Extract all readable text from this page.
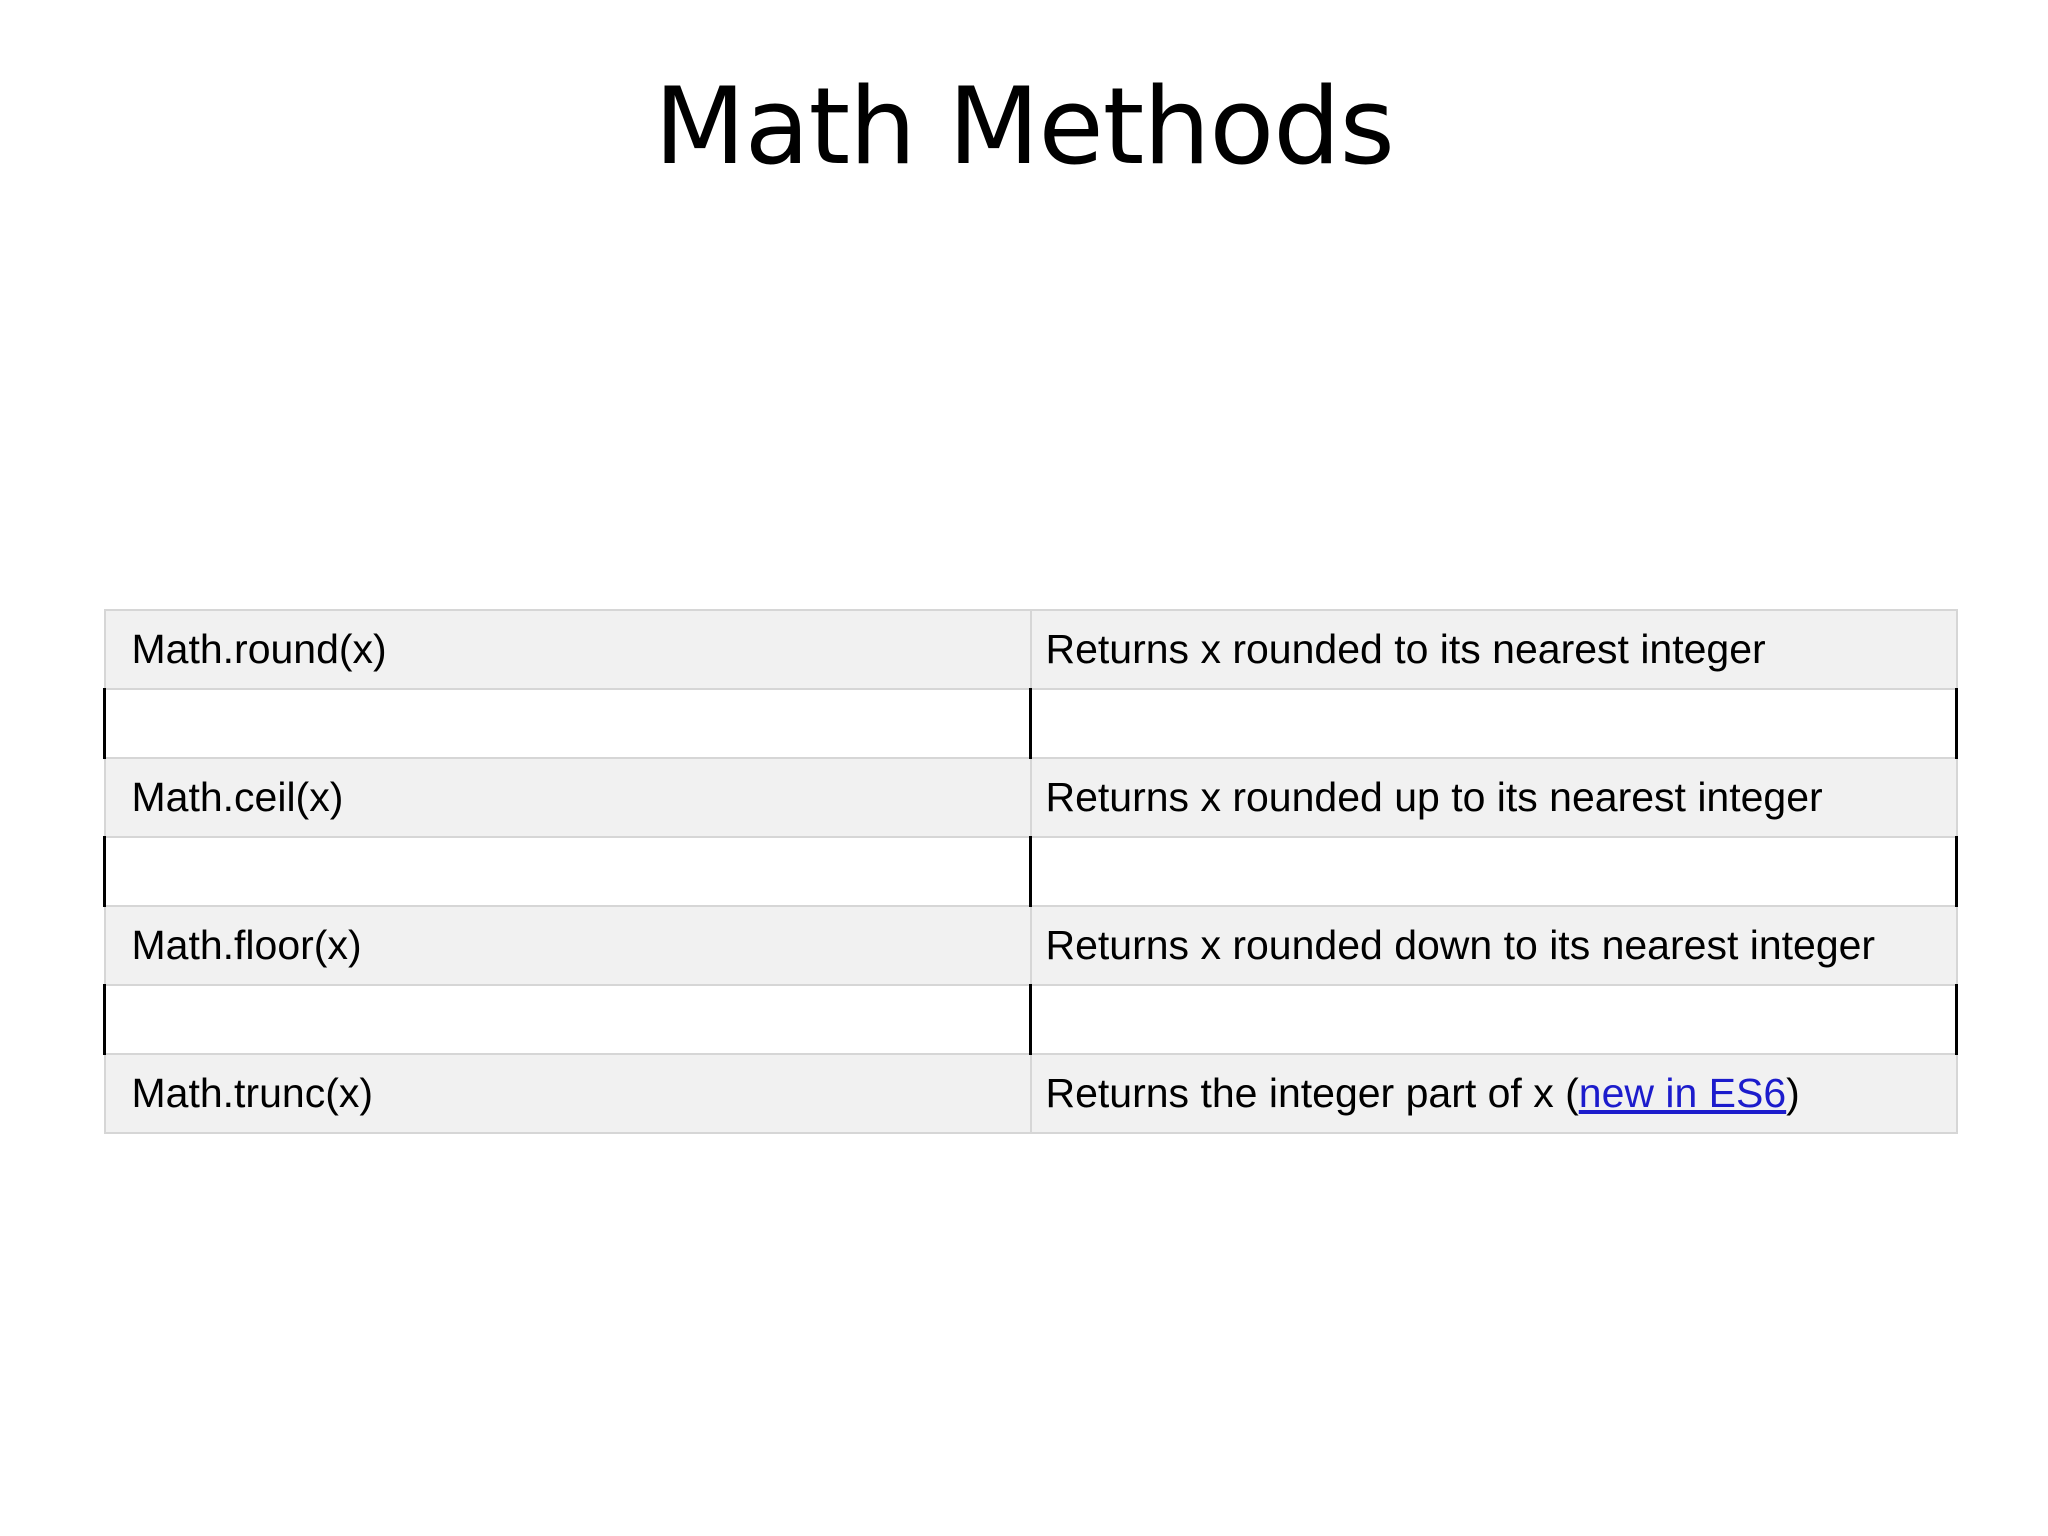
Math Methods
Math.round(x)	Returns x rounded to its nearest integer

Math.ceil(x)	Returns x rounded up to its nearest integer

Math.floor(x)	Returns x rounded down to its nearest integer

Math.trunc(x)	Returns the integer part of x (new in ES6)
